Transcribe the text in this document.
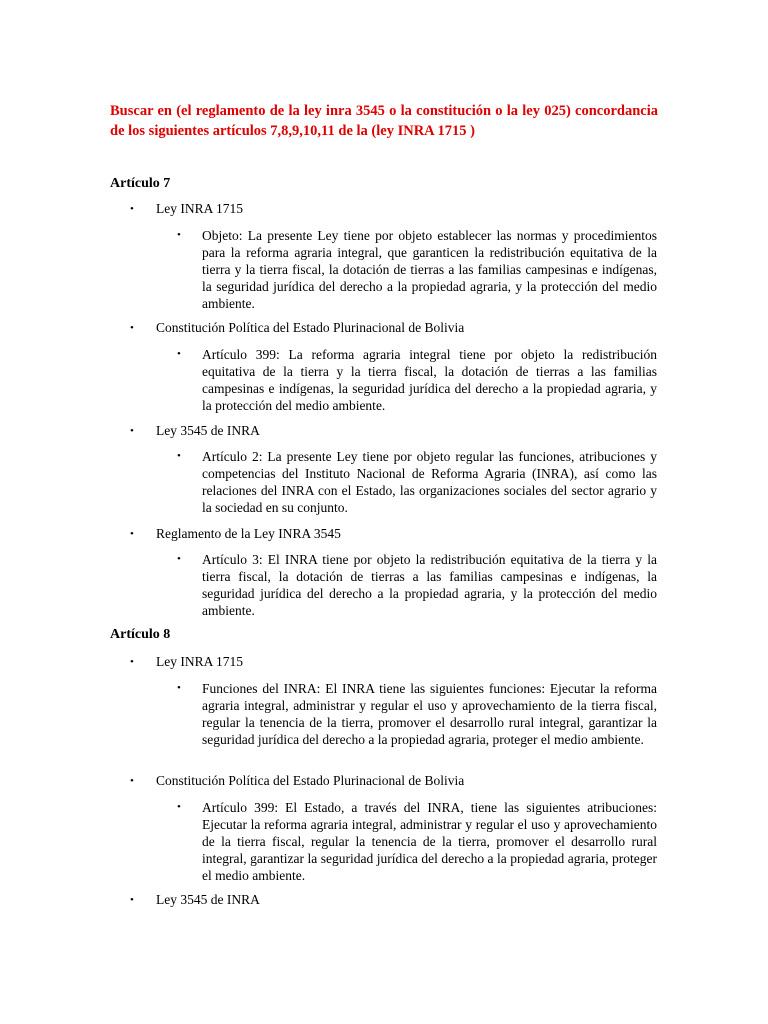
Buscar en (el reglamento de la ley inra 3545 o la constitución o la ley 025) concordancia de los siguientes artículos 7,8,9,10,11 de la (ley INRA 1715 )
Artículo 7
• Ley INRA 1715
• Objeto: La presente Ley tiene por objeto establecer las normas y procedimientos para la reforma agraria integral, que garanticen la redistribución equitativa de la tierra y la tierra fiscal, la dotación de tierras a las familias campesinas e indígenas, la seguridad jurídica del derecho a la propiedad agraria, y la protección del medio ambiente.
• Constitución Política del Estado Plurinacional de Bolivia
• Artículo 399: La reforma agraria integral tiene por objeto la redistribución equitativa de la tierra y la tierra fiscal, la dotación de tierras a las familias campesinas e indígenas, la seguridad jurídica del derecho a la propiedad agraria, y la protección del medio ambiente.
• Ley 3545 de INRA
• Artículo 2: La presente Ley tiene por objeto regular las funciones, atribuciones y competencias del Instituto Nacional de Reforma Agraria (INRA), así como las relaciones del INRA con el Estado, las organizaciones sociales del sector agrario y la sociedad en su conjunto.
• Reglamento de la Ley INRA 3545
• Artículo 3: El INRA tiene por objeto la redistribución equitativa de la tierra y la tierra fiscal, la dotación de tierras a las familias campesinas e indígenas, la seguridad jurídica del derecho a la propiedad agraria, y la protección del medio ambiente.
Artículo 8
• Ley INRA 1715
• Funciones del INRA: El INRA tiene las siguientes funciones: Ejecutar la reforma agraria integral, administrar y regular el uso y aprovechamiento de la tierra fiscal, regular la tenencia de la tierra, promover el desarrollo rural integral, garantizar la seguridad jurídica del derecho a la propiedad agraria, proteger el medio ambiente.
• Constitución Política del Estado Plurinacional de Bolivia
• Artículo 399: El Estado, a través del INRA, tiene las siguientes atribuciones: Ejecutar la reforma agraria integral, administrar y regular el uso y aprovechamiento de la tierra fiscal, regular la tenencia de la tierra, promover el desarrollo rural integral, garantizar la seguridad jurídica del derecho a la propiedad agraria, proteger el medio ambiente.
• Ley 3545 de INRA
